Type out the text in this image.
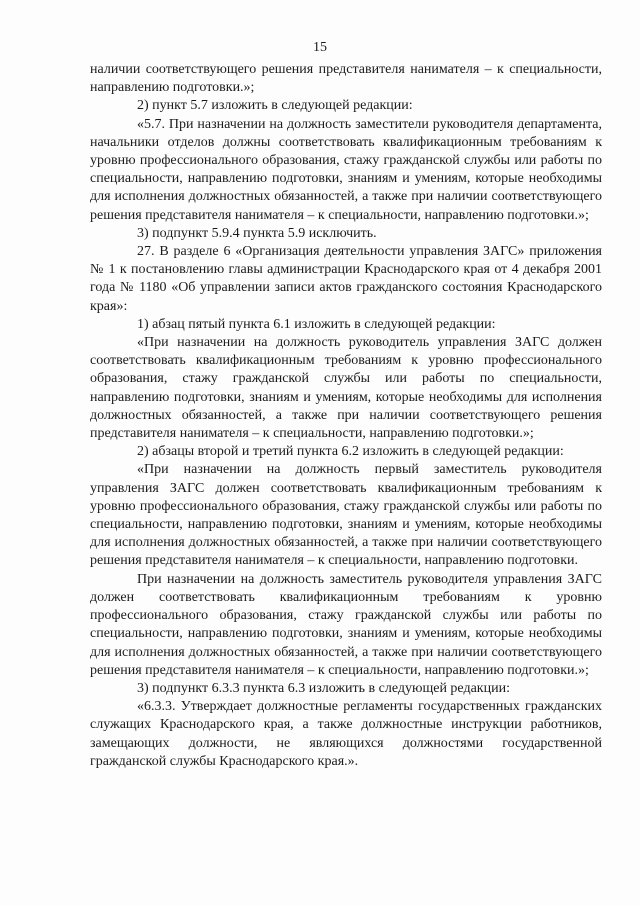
15

наличии соответствующего решения представителя нанимателя – к специальности, направлению подготовки.»;

2) пункт 5.7 изложить в следующей редакции:

«5.7. При назначении на должность заместители руководителя департамента, начальники отделов должны соответствовать квалификационным требованиям к уровню профессионального образования, стажу гражданской службы или работы по специальности, направлению подготовки, знаниям и умениям, которые необходимы для исполнения должностных обязанностей, а также при наличии соответствующего решения представителя нанимателя – к специальности, направлению подготовки.»;

3) подпункт 5.9.4 пункта 5.9 исключить.

27. В разделе 6 «Организация деятельности управления ЗАГС» приложения № 1 к постановлению главы администрации Краснодарского края от 4 декабря 2001 года № 1180 «Об управлении записи актов гражданского состояния Краснодарского края»:

1) абзац пятый пункта 6.1 изложить в следующей редакции:

«При назначении на должность руководитель управления ЗАГС должен соответствовать квалификационным требованиям к уровню профессионального образования, стажу гражданской службы или работы по специальности, направлению подготовки, знаниям и умениям, которые необходимы для исполнения должностных обязанностей, а также при наличии соответствующего решения представителя нанимателя – к специальности, направлению подготовки.»;

2) абзацы второй и третий пункта 6.2 изложить в следующей редакции:

«При назначении на должность первый заместитель руководителя управления ЗАГС должен соответствовать квалификационным требованиям к уровню профессионального образования, стажу гражданской службы или работы по специальности, направлению подготовки, знаниям и умениям, которые необходимы для исполнения должностных обязанностей, а также при наличии соответствующего решения представителя нанимателя – к специальности, направлению подготовки.

При назначении на должность заместитель руководителя управления ЗАГС должен соответствовать квалификационным требованиям к уровню профессионального образования, стажу гражданской службы или работы по специальности, направлению подготовки, знаниям и умениям, которые необходимы для исполнения должностных обязанностей, а также при наличии соответствующего решения представителя нанимателя – к специальности, направлению подготовки.»;

3) подпункт 6.3.3 пункта 6.3 изложить в следующей редакции:

«6.3.3. Утверждает должностные регламенты государственных гражданских служащих Краснодарского края, а также должностные инструкции работников, замещающих должности, не являющихся должностями государственной гражданской службы Краснодарского края.».
